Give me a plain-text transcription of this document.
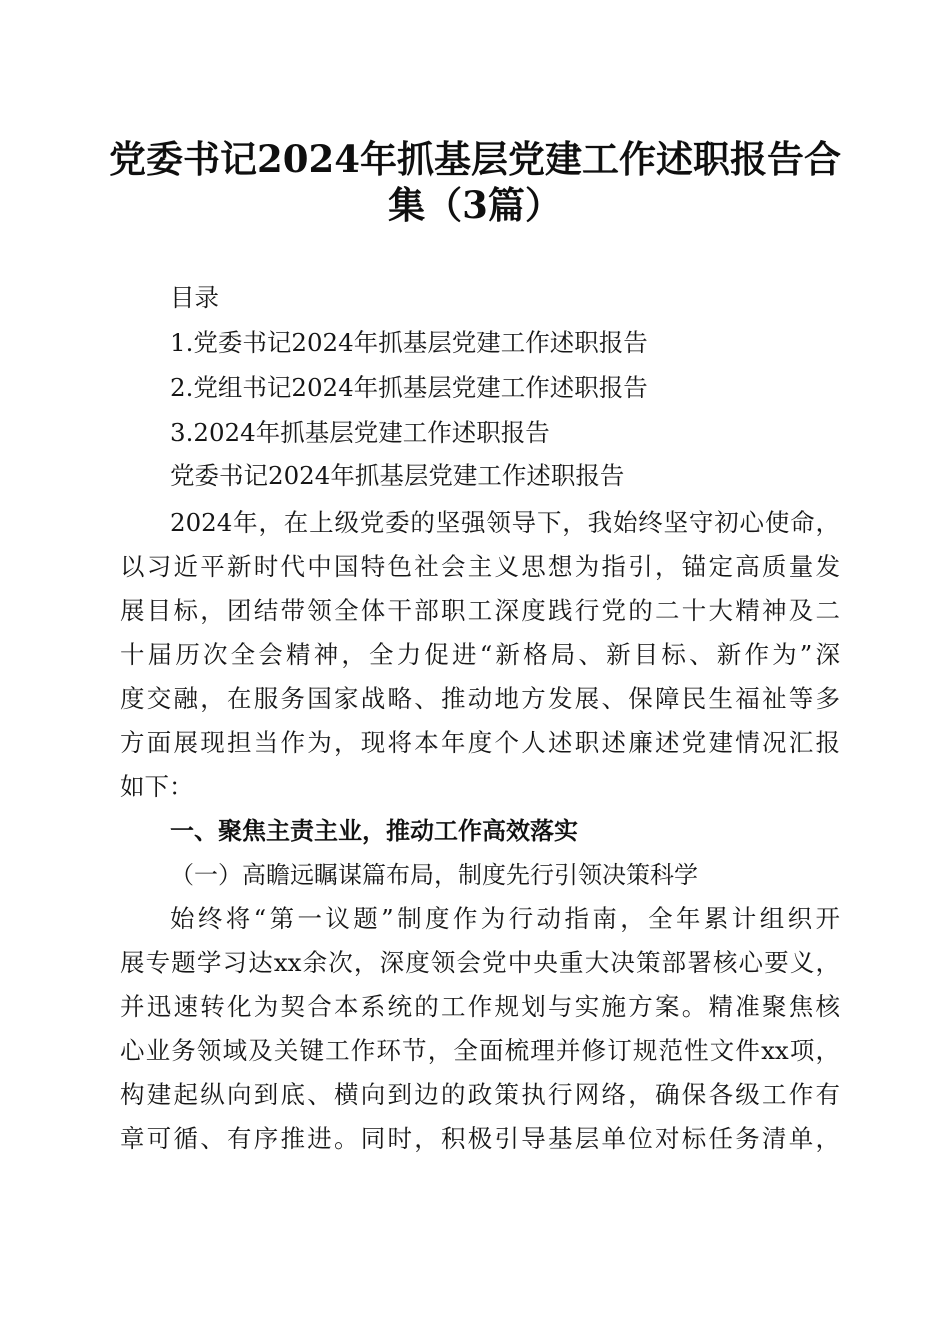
党委书记2024年抓基层党建工作述职报告合
集（3篇）
目录
1.党委书记2024年抓基层党建工作述职报告
2.党组书记2024年抓基层党建工作述职报告
3.2024年抓基层党建工作述职报告
党委书记2024年抓基层党建工作述职报告
2024年，在上级党委的坚强领导下，我始终坚守初心使命，
以习近平新时代中国特色社会主义思想为指引，锚定高质量发
展目标，团结带领全体干部职工深度践行党的二十大精神及二
十届历次全会精神，全力促进“新格局、新目标、新作为”深
度交融，在服务国家战略、推动地方发展、保障民生福祉等多
方面展现担当作为，现将本年度个人述职述廉述党建情况汇报
如下：
一、聚焦主责主业，推动工作高效落实
（一）高瞻远瞩谋篇布局，制度先行引领决策科学
始终将“第一议题”制度作为行动指南，全年累计组织开
展专题学习达xx余次，深度领会党中央重大决策部署核心要义，
并迅速转化为契合本系统的工作规划与实施方案。精准聚焦核
心业务领域及关键工作环节，全面梳理并修订规范性文件xx项，
构建起纵向到底、横向到边的政策执行网络，确保各级工作有
章可循、有序推进。同时，积极引导基层单位对标任务清单，
